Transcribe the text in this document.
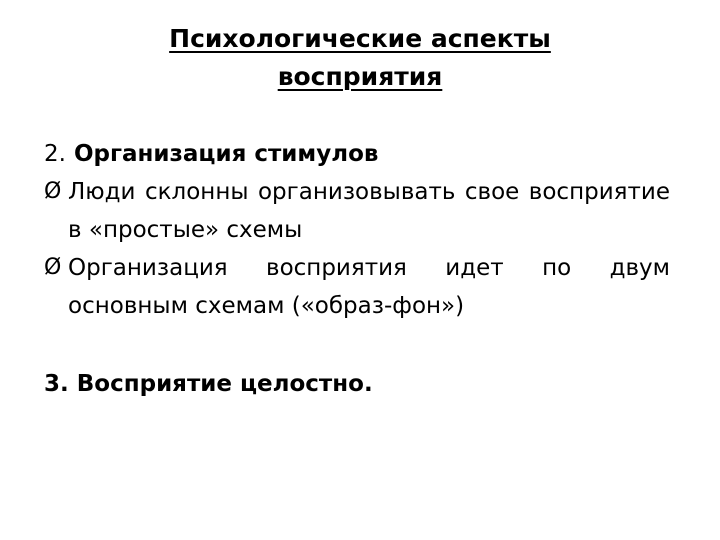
Психологические аспекты
восприятия

2. Организация стимулов

Ø Люди склонны организовывать свое восприятие в «простые» схемы

Ø Организация восприятия идет по двум основным схемам («образ-фон»)

3. Восприятие целостно.
